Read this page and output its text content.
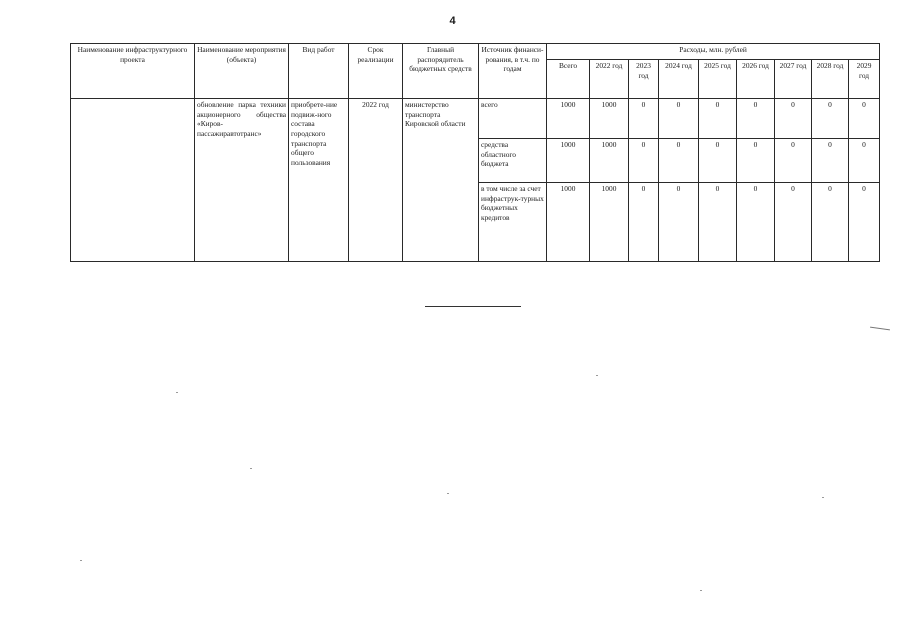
4
Наименование инфраструктурного проекта	Наименование мероприятия (объекта)	Вид работ	Срок реализации	Главный распорядитель бюджетных средств	Источник финанси-рования, в т.ч. по годам	Расходы, млн. рублей								
						Всего	2022 год	2023 год	2024 год	2025 год	2026 год	2027 год	2028 год	2029 год
	обновление парка техники акционерного общества «Киров-пассажиравтотранс»	приобрете-ние подвиж-ного состава городского транспорта общего пользования	2022 год	министерство транспорта Кировской области	всего	1000	1000	0	0	0	0	0	0	0
					средства областного бюджета	1000	1000	0	0	0	0	0	0	0
					в том числе за счет инфраструк-турных бюджетных кредитов	1000	1000	0	0	0	0	0	0	0
